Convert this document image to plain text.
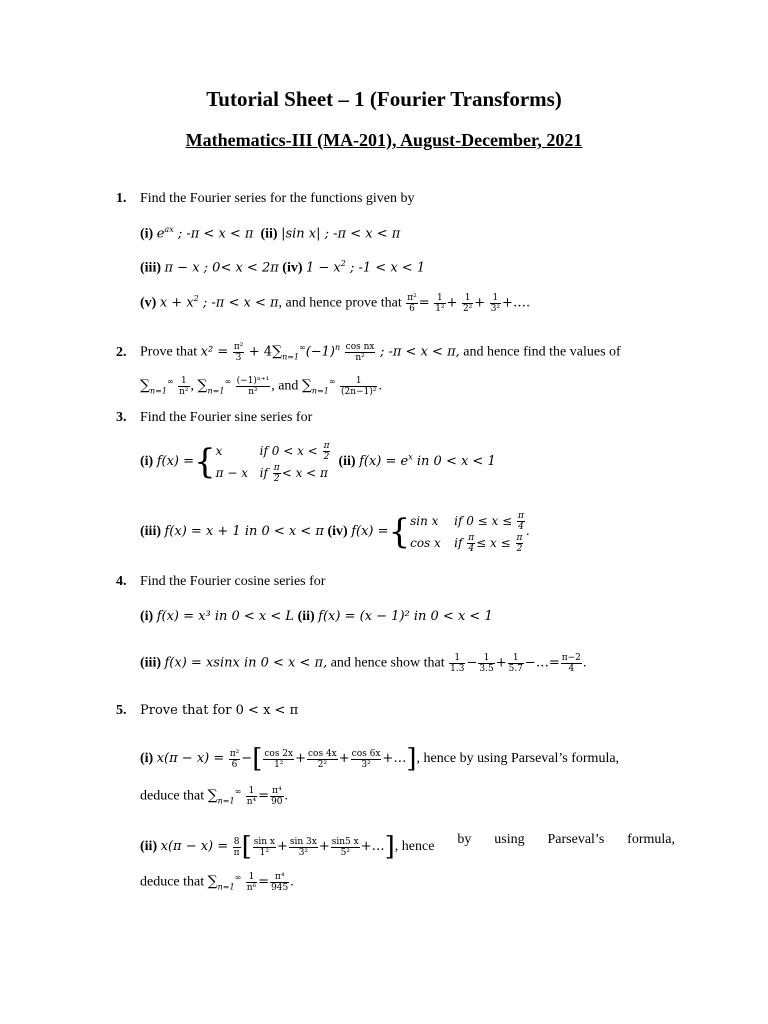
Tutorial Sheet – 1 (Fourier Transforms)
Mathematics-III (MA-201), August-December, 2021
1. Find the Fourier series for the functions given by
(i) $e^{ax}$ ; -π < x < π (ii) |sin x| ; -π < x < π
(iii) π − x ; 0< x < 2π (iv) $1 - x^2$ ; -1 < x < 1
(v) $x + x^2$ ; -π < x < π, and hence prove that $\frac{\text{π²}}{6} = \frac{1}{\text{1²}} + \frac{1}{\text{2²}} + \frac{1}{\text{3²}}$ +….
2. Prove that $x^2 = \frac{\text{π²}}{3} + 4\sum_{n=1}^\infty(-1)^n \frac{\text{cos nx}}{\text{n²}}$ ; -π < x < π, and hence find the values of
$\sum_{n=1}^\infty \frac{1}{\text{n²}}$ , $\sum_{n=1}^\infty \frac{\text{(−1)ⁿ⁺¹}}{\text{n²}}$ , and $\sum_{n=1}^\infty \frac{1}{\text{(2n−1)²}}$ .
3. Find the Fourier sine series for
(i) f(x) ={x	if $0 < x < \frac{\pi}{2}$

π − x if $\frac{\pi}{2} < x < \pi$  (ii) $f(x) = e^x$ in 0 < x < 1
(iii) f(x) = x + 1 in 0 < x < π (iv) f(x) ={sin x if $0 \le x \le \frac{\pi}{4}$

cos x if $\frac{\pi}{4} \le x \le \frac{\pi}{2}$
.
4. Find the Fourier cosine series for
(i) f(x) = x³ in 0 < x < L (ii) f(x) = (x − 1)² in 0 < x < 1
(iii) f(x) = xsinx in 0 < x < π, and hence show that $\frac{1}{1.3} - \frac{1}{3.5} + \frac{1}{5.7}$ −…= $\frac{\pi-2}{4}$ .
5. Prove that for 0 < x < π
(i) $x(\pi - x) = \frac{\text{π²}}{6}$ −[ $\frac{\cos 2x}{\text{1²}} + \frac{\cos 4x}{\text{2²}} + \frac{\cos 6x}{\text{3²}}$ +…], hence by using Parseval’s formula,
deduce that $\sum_{n=1}^\infty \frac{1}{\text{n⁴}} = \frac{\text{π⁴}}{90}$ .
(ii) $x(\pi - x) = \frac{8}{\pi}$ [ $\frac{\text{sin x}}{\text{1²}} + \frac{\sin 3x}{\text{3²}} + \frac{\sin 5 x}{\text{5²}}$ +…], hence by using Parseval’s formula,
deduce that $\sum_{n=1}^\infty \frac{1}{\text{n⁶}} = \frac{\text{π⁴}}{945}$ .
